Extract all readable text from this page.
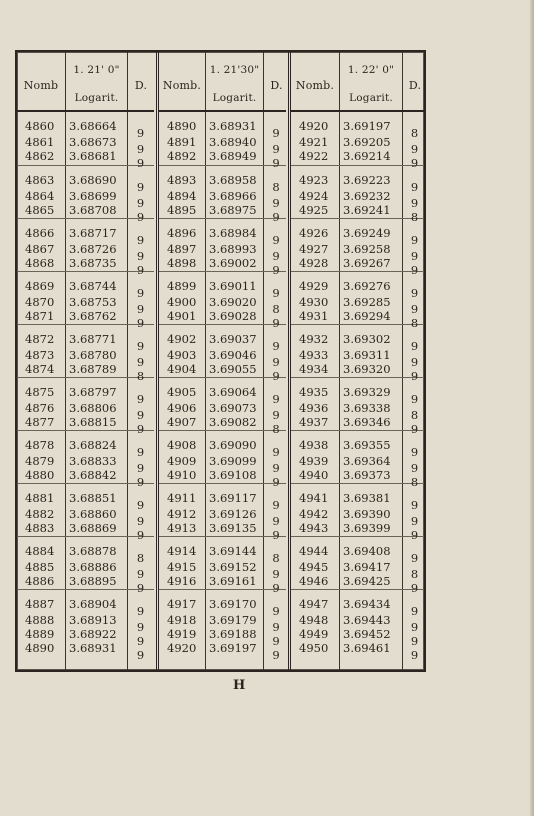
Nomb
1. 21' 0"
Logarit.
D.
4860 3.68664	9
4861 3.68673	9
4862 3.68681	9
4863 3.68690	9
4864 3.68699	9
4865 3.68708	9
4866 3.68717	9
4867 3.68726	9
4868 3.68735	9
4869 3.68744	9
4870 3.68753	9
4871 3.68762	9
4872 3.68771	9
4873 3.68780	9
4874 3.68789	8
4875 3.68797	9
4876 3.68806	9
4877 3.68815	9
4878 3.68824	9
4879 3.68833	9
4880 3.68842	9
4881 3.68851	9
4882 3.68860	9
4883 3.68869	9
4884 3.68878	8
4885 3.68886	9
4886 3.68895	9
4887 3.68904	9
4888 3.68913	9
4889 3.68922	9
4890 3.68931	9
Nomb.
1. 21'30"
Logarit.
D.
4890 3.68931	9
4891 3.68940	9
4892 3.68949	9
4893 3.68958	8
4894 3.68966	9
4895 3.68975	9
4896 3.68984	9
4897 3.68993	9
4898 3.69002	9
4899 3.69011	9
4900 3.69020	8
4901 3.69028	9
4902 3.69037	9
4903 3.69046	9
4904 3.69055	9
4905 3.69064	9
4906 3.69073	9
4907 3.69082	8
4908 3.69090	9
4909 3.69099	9
4910 3.69108	9
4911 3.69117	9
4912 3.69126	9
4913 3.69135	9
4914 3.69144	8
4915 3.69152	9
4916 3.69161	9
4917 3.69170	9
4918 3.69179	9
4919 3.69188	9
4920 3.69197	9
Nomb.
1. 22' 0"
Logarit.
D.
4920 3.69197	8
4921 3.69205	9
4922 3.69214	9
4923 3.69223	9
4924 3.69232	9
4925 3.69241	8
4926 3.69249	9
4927 3.69258	9
4928 3.69267	9
4929 3.69276	9
4930 3.69285	9
4931 3.69294	8
4932 3.69302	9
4933 3.69311	9
4934 3.69320	9
4935 3.69329	9
4936 3.69338	8
4937 3.69346	9
4938 3.69355	9
4939 3.69364	9
4940 3.69373	8
4941 3.69381	9
4942 3.69390	9
4943 3.69399	9
4944 3.69408	9
4945 3.69417	8
4946 3.69425	9
4947 3.69434	9
4948 3.69443	9
4949 3.69452	9
4950 3.69461	9
H
